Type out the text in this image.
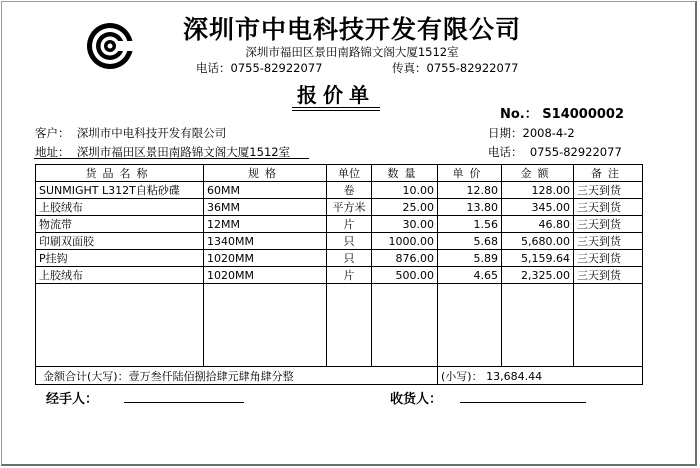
深圳市中电科技开发有限公司
深圳市福田区景田南路锦文阁大厦1512室
电话：0755-82922077	传真：0755-82922077
报价单
No.： S14000002
客户： 深圳市中电科技开发有限公司	日期：2008-4-2
地址： 深圳市福田区景田南路锦文阁大厦1512室	电话： 0755-82922077
货品名称	规格	单位	数量	单价	金额	备注
SUNMIGHT L312T自粘砂碟	60MM	卷	10.00	12.80	128.00	三天到货
上胶绒布	36MM	平方米	25.00	13.80	345.00	三天到货
物流带	12MM	片	30.00	1.56	46.80	三天到货
印刷双面胶	1340MM	只	1000.00	5.68	5,680.00	三天到货
P挂钩	1020MM	只	876.00	5.89	5,159.64	三天到货
上胶绒布	1020MM	片	500.00	4.65	2,325.00	三天到货

金额合计(大写)：壹万叁仟陆佰捌拾肆元肆角肆分整				(小写)： 13,684.44		
经手人：	收货人：
